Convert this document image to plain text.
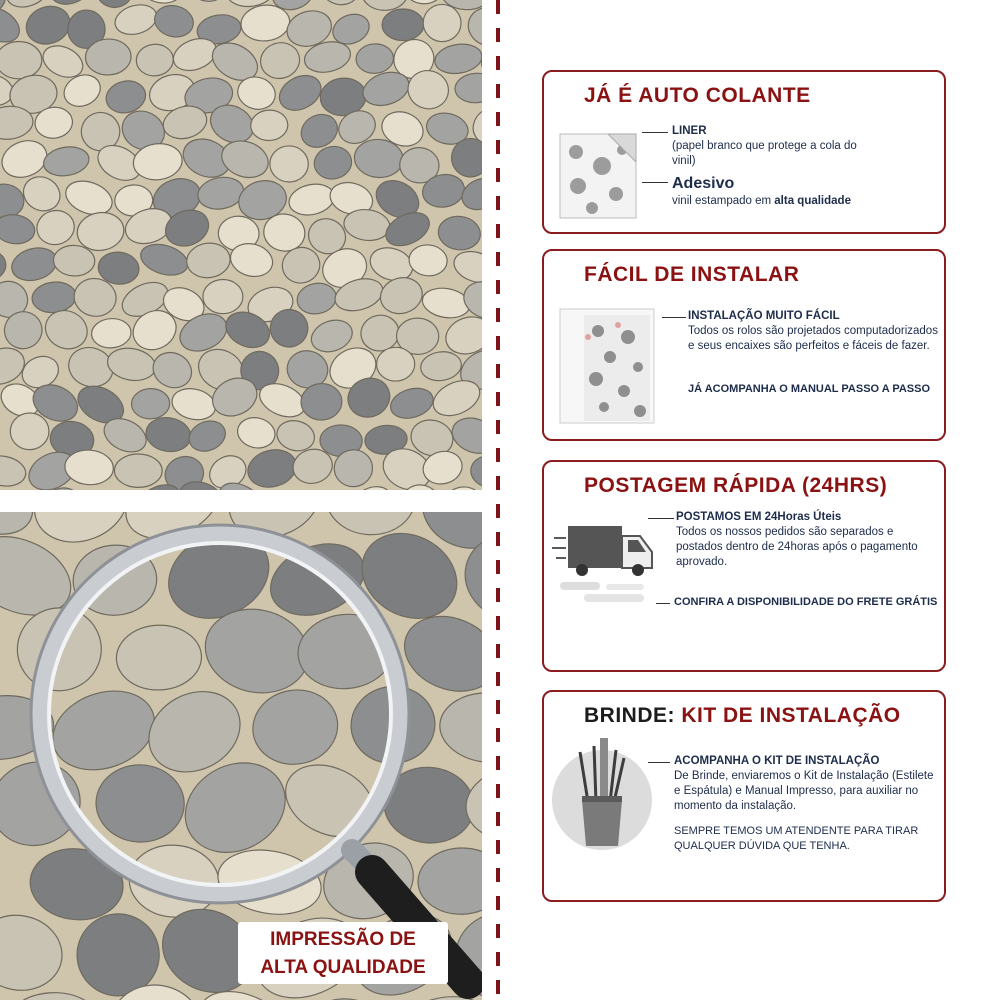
IMPRESSÃO DE
ALTA QUALIDADE
JÁ É AUTO COLANTE
LINER
(papel branco que protege a cola do vinil)
Adesivo
vinil estampado em alta qualidade
FÁCIL DE INSTALAR
INSTALAÇÃO MUITO FÁCIL
Todos os rolos são projetados computadorizados e seus encaixes são perfeitos e fáceis de fazer.
JÁ ACOMPANHA O MANUAL PASSO A PASSO
POSTAGEM RÁPIDA (24HRS)
POSTAMOS EM 24Horas Úteis
Todos os nossos pedidos são separados e postados dentro de 24horas após o pagamento aprovado.
CONFIRA A DISPONIBILIDADE DO FRETE GRÁTIS
BRINDE: KIT DE INSTALAÇÃO
ACOMPANHA O KIT DE INSTALAÇÃO
De Brinde, enviaremos o Kit de Instalação (Estilete e Espátula) e Manual Impresso, para auxiliar no momento da instalação.
SEMPRE TEMOS UM ATENDENTE PARA TIRAR QUALQUER DÚVIDA QUE TENHA.
